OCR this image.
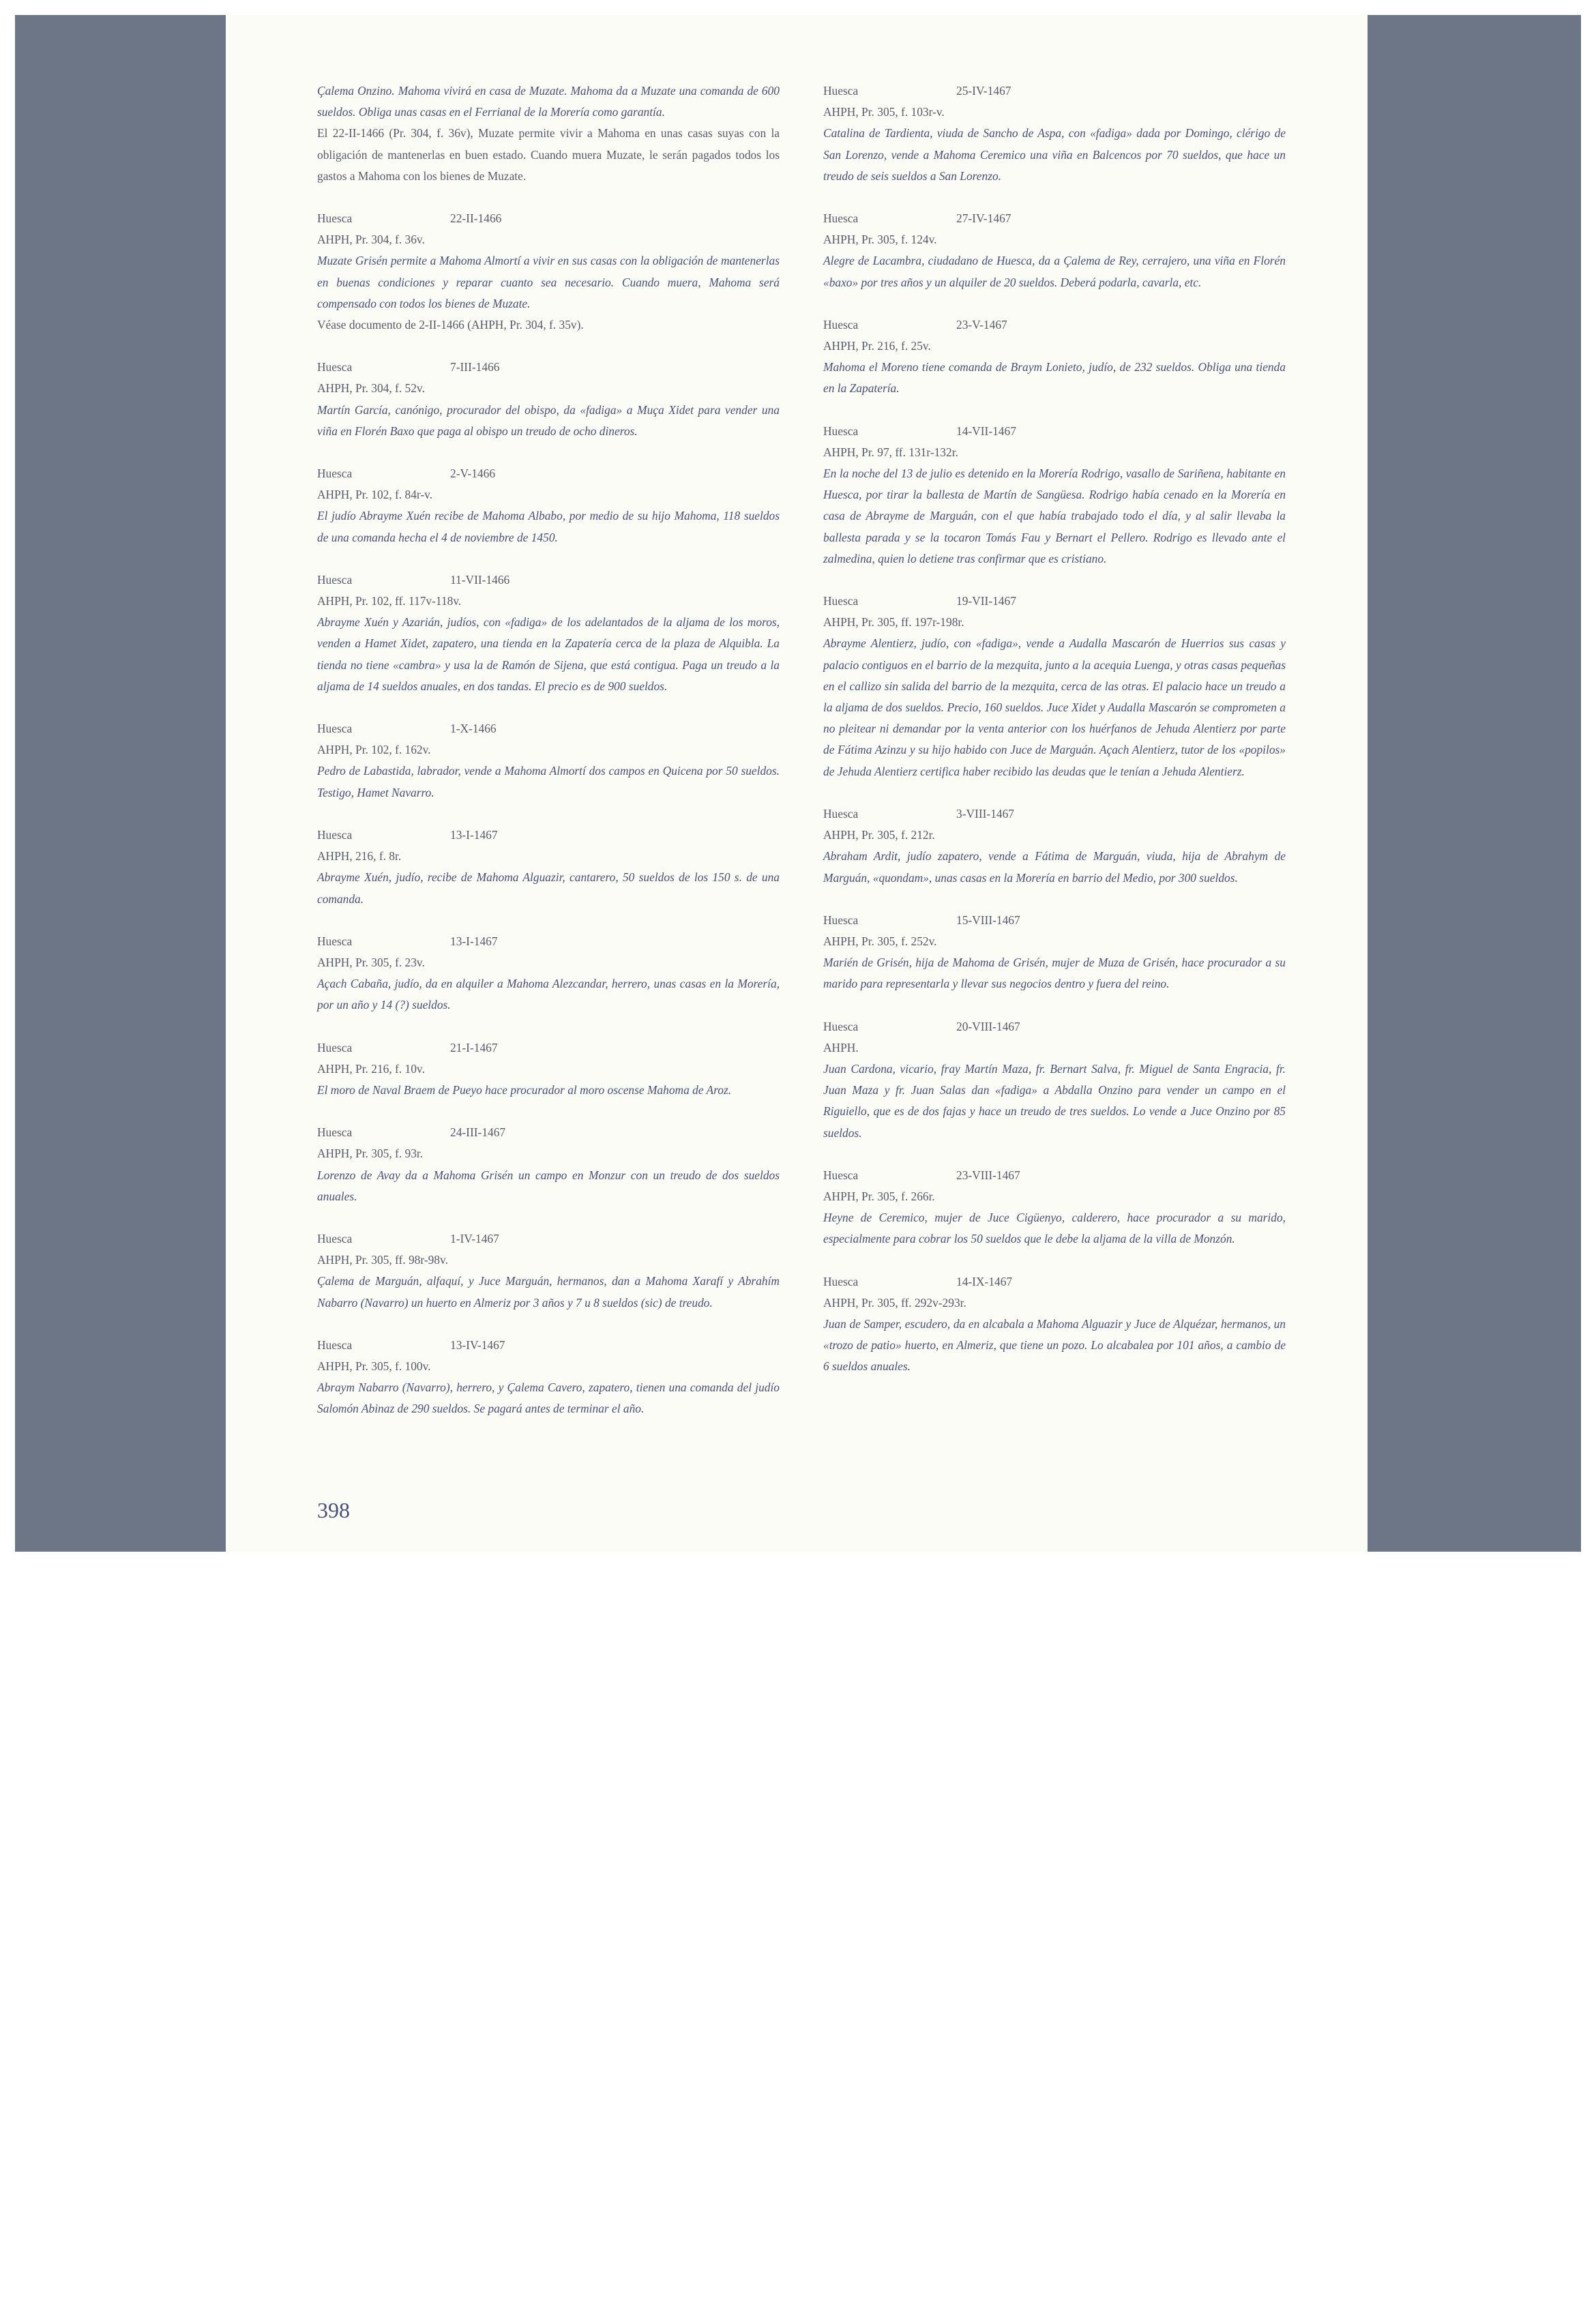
Çalema Onzino. Mahoma vivirá en casa de Muzate. Mahoma da a Muzate una comanda de 600 sueldos. Obliga unas casas en el Ferrianal de la Morería como garantía.

El 22-II-1466 (Pr. 304, f. 36v), Muzate permite vivir a Mahoma en unas casas suyas con la obligación de mantenerlas en buen estado. Cuando muera Muzate, le serán pagados todos los gastos a Mahoma con los bienes de Muzate.

Huesca	22-II-1466
AHPH, Pr. 304, f. 36v.

Muzate Grisén permite a Mahoma Almortí a vivir en sus casas con la obligación de mantenerlas en buenas condiciones y reparar cuanto sea necesario. Cuando muera, Mahoma será compensado con todos los bienes de Muzate.

Véase documento de 2-II-1466 (AHPH, Pr. 304, f. 35v).

Huesca	7-III-1466
AHPH, Pr. 304, f. 52v.

Martín García, canónigo, procurador del obispo, da «fadiga» a Muça Xidet para vender una viña en Florén Baxo que paga al obispo un treudo de ocho dineros.

Huesca	2-V-1466
AHPH, Pr. 102, f. 84r-v.

El judío Abrayme Xuén recibe de Mahoma Albabo, por medio de su hijo Mahoma, 118 sueldos de una comanda hecha el 4 de noviembre de 1450.

Huesca	11-VII-1466
AHPH, Pr. 102, ff. 117v-118v.

Abrayme Xuén y Azarián, judíos, con «fadiga» de los adelantados de la aljama de los moros, venden a Hamet Xidet, zapatero, una tienda en la Zapatería cerca de la plaza de Alquibla. La tienda no tiene «cambra» y usa la de Ramón de Sijena, que está contigua. Paga un treudo a la aljama de 14 sueldos anuales, en dos tandas. El precio es de 900 sueldos.

Huesca	1-X-1466
AHPH, Pr. 102, f. 162v.

Pedro de Labastida, labrador, vende a Mahoma Almortí dos campos en Quicena por 50 sueldos. Testigo, Hamet Navarro.

Huesca	13-I-1467
AHPH, 216, f. 8r.

Abrayme Xuén, judío, recibe de Mahoma Alguazir, cantarero, 50 sueldos de los 150 s. de una comanda.

Huesca	13-I-1467
AHPH, Pr. 305, f. 23v.

Açach Cabaña, judío, da en alquiler a Mahoma Alezcandar, herrero, unas casas en la Morería, por un año y 14 (?) sueldos.

Huesca	21-I-1467
AHPH, Pr. 216, f. 10v.

El moro de Naval Braem de Pueyo hace procurador al moro oscense Mahoma de Aroz.

Huesca	24-III-1467
AHPH, Pr. 305, f. 93r.

Lorenzo de Avay da a Mahoma Grisén un campo en Monzur con un treudo de dos sueldos anuales.

Huesca	1-IV-1467
AHPH, Pr. 305, ff. 98r-98v.

Çalema de Marguán, alfaquí, y Juce Marguán, hermanos, dan a Mahoma Xarafí y Abrahím Nabarro (Navarro) un huerto en Almeriz por 3 años y 7 u 8 sueldos (sic) de treudo.

Huesca	13-IV-1467
AHPH, Pr. 305, f. 100v.

Abraym Nabarro (Navarro), herrero, y Çalema Cavero, zapatero, tienen una comanda del judío Salomón Abinaz de 290 sueldos. Se pagará antes de terminar el año.

Huesca	25-IV-1467
AHPH, Pr. 305, f. 103r-v.

Catalina de Tardienta, viuda de Sancho de Aspa, con «fadiga» dada por Domingo, clérigo de San Lorenzo, vende a Mahoma Ceremico una viña en Balcencos por 70 sueldos, que hace un treudo de seis sueldos a San Lorenzo.

Huesca	27-IV-1467
AHPH, Pr. 305, f. 124v.

Alegre de Lacambra, ciudadano de Huesca, da a Çalema de Rey, cerrajero, una viña en Florén «baxo» por tres años y un alquiler de 20 sueldos. Deberá podarla, cavarla, etc.

Huesca	23-V-1467
AHPH, Pr. 216, f. 25v.

Mahoma el Moreno tiene comanda de Braym Lonieto, judío, de 232 sueldos. Obliga una tienda en la Zapatería.

Huesca	14-VII-1467
AHPH, Pr. 97, ff. 131r-132r.

En la noche del 13 de julio es detenido en la Morería Rodrigo, vasallo de Sariñena, habitante en Huesca, por tirar la ballesta de Martín de Sangüesa. Rodrigo había cenado en la Morería en casa de Abrayme de Marguán, con el que había trabajado todo el día, y al salir llevaba la ballesta parada y se la tocaron Tomás Fau y Bernart el Pellero. Rodrigo es llevado ante el zalmedina, quien lo detiene tras confirmar que es cristiano.

Huesca	19-VII-1467
AHPH, Pr. 305, ff. 197r-198r.

Abrayme Alentierz, judío, con «fadiga», vende a Audalla Mascarón de Huerrios sus casas y palacio contiguos en el barrio de la mezquita, junto a la acequia Luenga, y otras casas pequeñas en el callizo sin salida del barrio de la mezquita, cerca de las otras. El palacio hace un treudo a la aljama de dos sueldos. Precio, 160 sueldos. Juce Xidet y Audalla Mascarón se comprometen a no pleitear ni demandar por la venta anterior con los huérfanos de Jehuda Alentierz por parte de Fátima Azinzu y su hijo habido con Juce de Marguán. Açach Alentierz, tutor de los «popilos» de Jehuda Alentierz certifica haber recibido las deudas que le tenían a Jehuda Alentierz.

Huesca	3-VIII-1467
AHPH, Pr. 305, f. 212r.

Abraham Ardit, judío zapatero, vende a Fátima de Marguán, viuda, hija de Abrahym de Marguán, «quondam», unas casas en la Morería en barrio del Medio, por 300 sueldos.

Huesca	15-VIII-1467
AHPH, Pr. 305, f. 252v.

Marién de Grisén, hija de Mahoma de Grisén, mujer de Muza de Grisén, hace procurador a su marido para representarla y llevar sus negocios dentro y fuera del reino.

Huesca	20-VIII-1467
AHPH.

Juan Cardona, vicario, fray Martín Maza, fr. Bernart Salva, fr. Miguel de Santa Engracia, fr. Juan Maza y fr. Juan Salas dan «fadiga» a Abdalla Onzino para vender un campo en el Riguiello, que es de dos fajas y hace un treudo de tres sueldos. Lo vende a Juce Onzino por 85 sueldos.

Huesca	23-VIII-1467
AHPH, Pr. 305, f. 266r.

Heyne de Ceremico, mujer de Juce Cigüenyo, calderero, hace procurador a su marido, especialmente para cobrar los 50 sueldos que le debe la aljama de la villa de Monzón.

Huesca	14-IX-1467
AHPH, Pr. 305, ff. 292v-293r.

Juan de Samper, escudero, da en alcabala a Mahoma Alguazir y Juce de Alquézar, hermanos, un «trozo de patio» huerto, en Almeriz, que tiene un pozo. Lo alcabalea por 101 años, a cambio de 6 sueldos anuales.

398
